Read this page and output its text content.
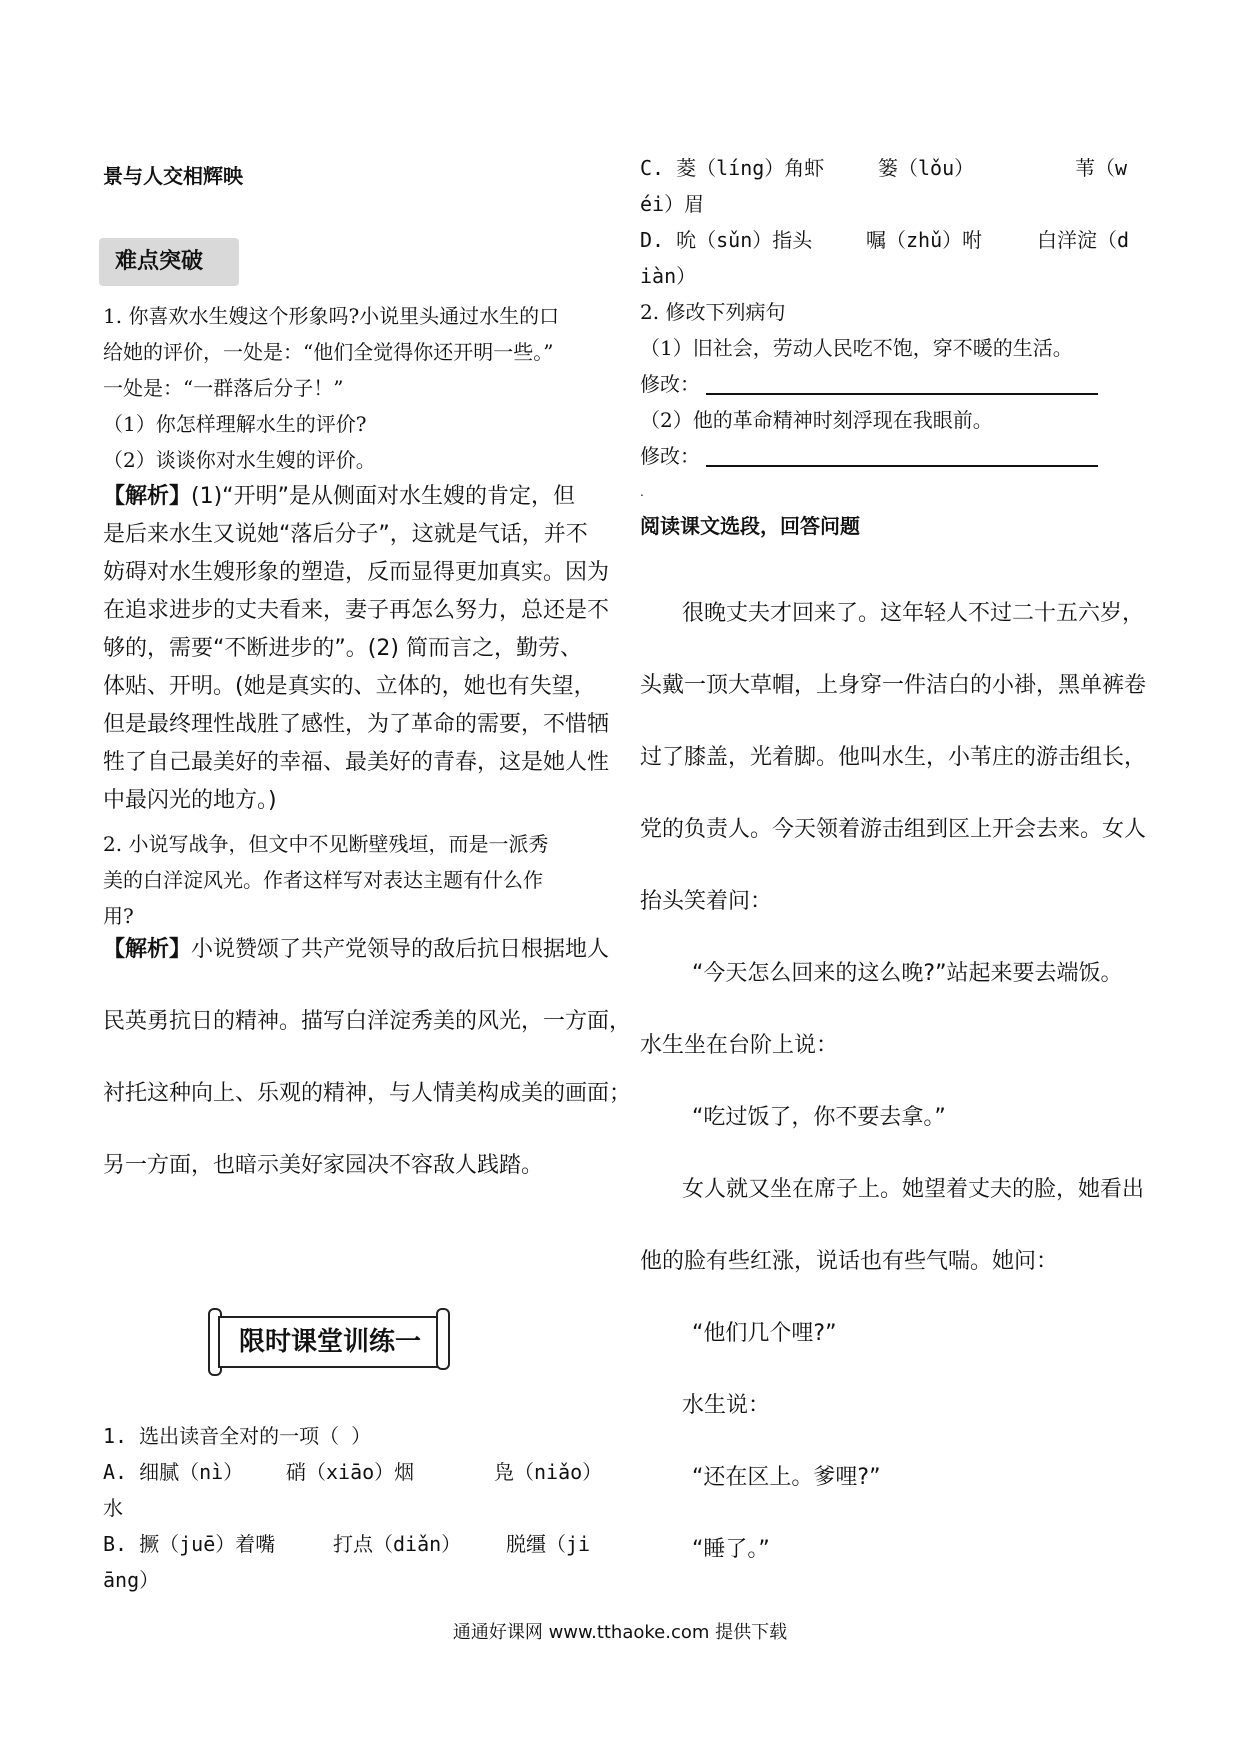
景与人交相辉映
难点突破
1. 你喜欢水生嫂这个形象吗?小说里头通过水生的口
给她的评价，一处是：“他们全觉得你还开明一些。”
一处是：“一群落后分子！”
（1）你怎样理解水生的评价?
（2）谈谈你对水生嫂的评价。
【解析】(1)“开明”是从侧面对水生嫂的肯定，但
是后来水生又说她“落后分子”，这就是气话，并不
妨碍对水生嫂形象的塑造，反而显得更加真实。因为
在追求进步的丈夫看来，妻子再怎么努力，总还是不
够的，需要“不断进步的”。(2) 简而言之，勤劳、
体贴、开明。(她是真实的、立体的，她也有失望，
但是最终理性战胜了感性，为了革命的需要，不惜牺
牲了自己最美好的幸福、最美好的青春，这是她人性
中最闪光的地方。)
2. 小说写战争，但文中不见断壁残垣，而是一派秀
美的白洋淀风光。作者这样写对表达主题有什么作
用?
【解析】小说赞颂了共产党领导的敌后抗日根据地人
民英勇抗日的精神。描写白洋淀秀美的风光，一方面，
衬托这种向上、乐观的精神，与人情美构成美的画面；
另一方面，也暗示美好家园决不容敌人践踏。
限时课堂训练一
1. 选出读音全对的一项（ ）
A. 细腻（nì） 硝（xiāo）烟	凫（niǎo）
水
B. 撅（juē）着嘴	打点（diǎn） 脱缰（ji
āng）
C. 菱（líng）角虾	篓（lǒu）	苇（w
éi）眉
D. 吮（sǔn）指头	嘱（zhǔ）咐	白洋淀（d
iàn）
2. 修改下列病句
（1）旧社会，劳动人民吃不饱，穿不暖的生活。
修改：
（2）他的革命精神时刻浮现在我眼前。
修改：
.
阅读课文选段，回答问题
很晚丈夫才回来了。这年轻人不过二十五六岁，
头戴一顶大草帽，上身穿一件洁白的小褂，黑单裤卷
过了膝盖，光着脚。他叫水生，小苇庄的游击组长，
党的负责人。今天领着游击组到区上开会去来。女人
抬头笑着问：
“今天怎么回来的这么晚?”站起来要去端饭。
水生坐在台阶上说：
“吃过饭了，你不要去拿。”
女人就又坐在席子上。她望着丈夫的脸，她看出
他的脸有些红涨，说话也有些气喘。她问：
“他们几个哩?”
水生说：
“还在区上。爹哩?”
“睡了。”
通通好课网 www.tthaoke.com 提供下载
